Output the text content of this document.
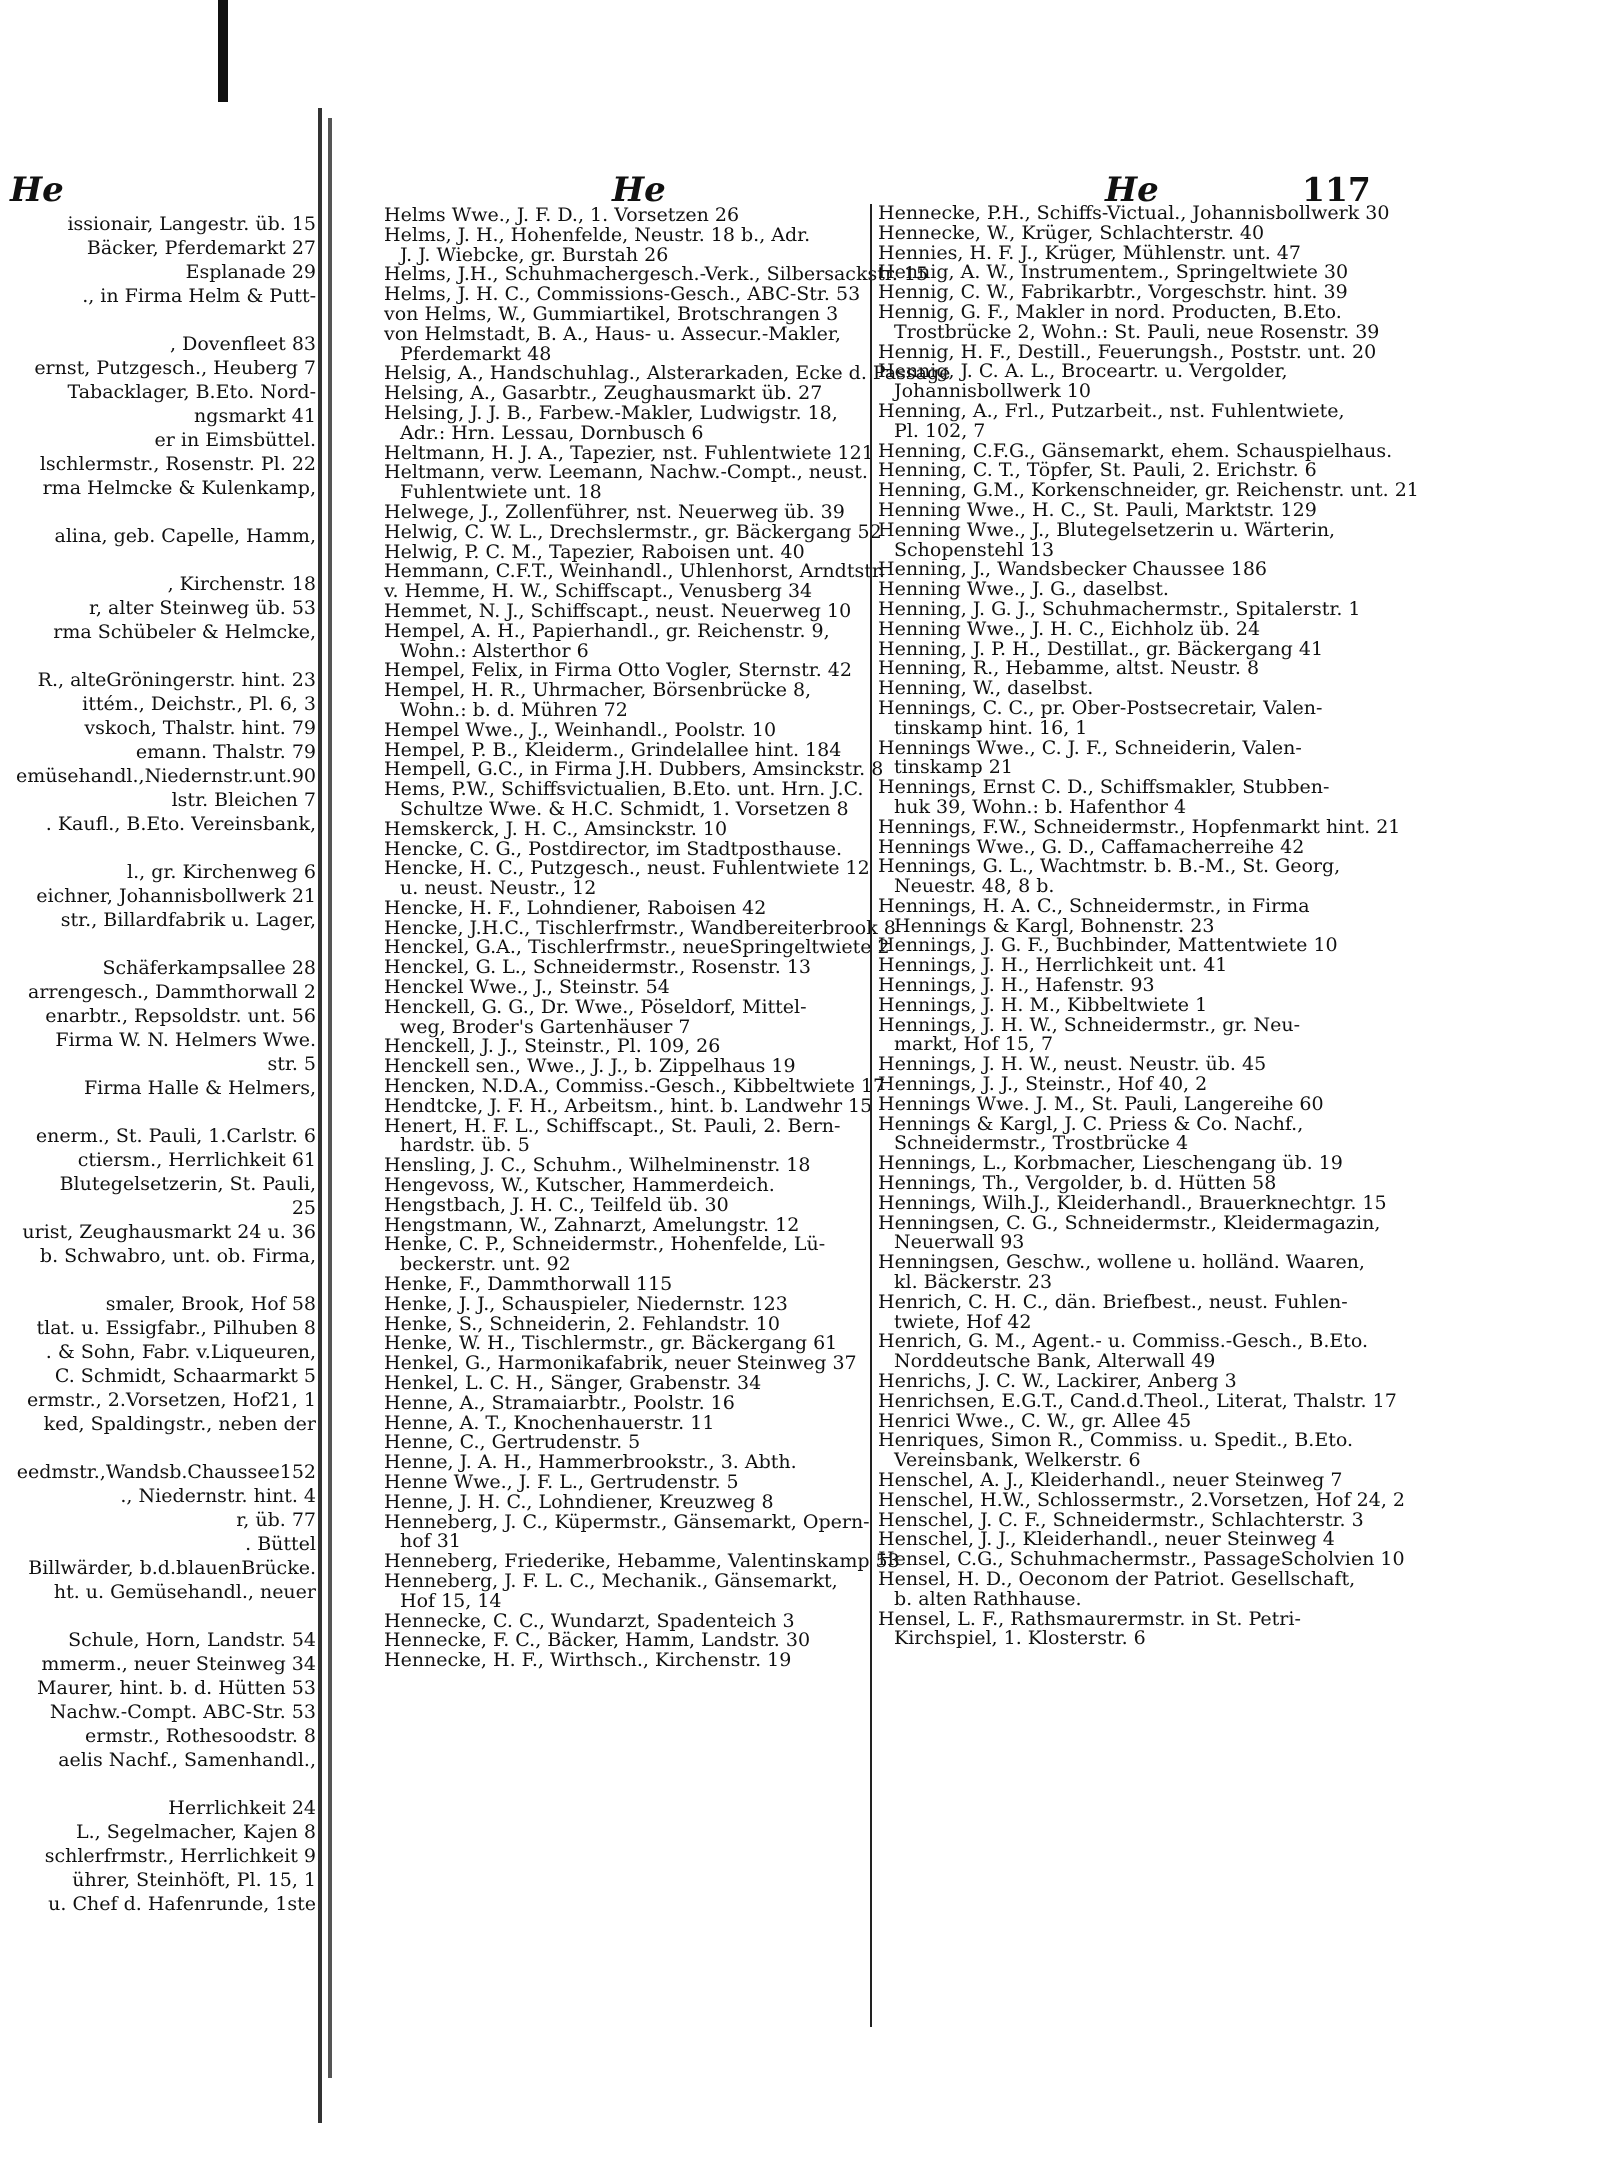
He
issionair, Langestr. üb. 15
Bäcker, Pferdemarkt 27
Esplanade 29
., in Firma Helm & Putt-
, Dovenfleet 83
ernst, Putzgesch., Heuberg 7
Tabacklager, B.Eto. Nord-
ngsmarkt 41
er in Eimsbüttel.
lschlermstr., Rosenstr. Pl. 22
rma Helmcke & Kulenkamp,
alina, geb. Capelle, Hamm,
, Kirchenstr. 18
r, alter Steinweg üb. 53
rma Schübeler & Helmcke,
R., alteGröningerstr. hint. 23
ittém., Deichstr., Pl. 6, 3
vskoch, Thalstr. hint. 79
emann. Thalstr. 79
emüsehandl.,Niedernstr.unt.90
lstr. Bleichen 7
. Kaufl., B.Eto. Vereinsbank,
l., gr. Kirchenweg 6
eichner, Johannisbollwerk 21
str., Billardfabrik u. Lager,
Schäferkampsallee 28
arrengesch., Dammthorwall 2
enarbtr., Repsoldstr. unt. 56
Firma W. N. Helmers Wwe.
str. 5
Firma Halle & Helmers,
enerm., St. Pauli, 1.Carlstr. 6
ctiersm., Herrlichkeit 61
Blutegelsetzerin, St. Pauli,
25
urist, Zeughausmarkt 24 u. 36
b. Schwabro, unt. ob. Firma,
smaler, Brook, Hof 58
tlat. u. Essigfabr., Pilhuben 8
. & Sohn, Fabr. v.Liqueuren,
C. Schmidt, Schaarmarkt 5
ermstr., 2.Vorsetzen, Hof21, 1
ked, Spaldingstr., neben der
eedmstr.,Wandsb.Chaussee152
., Niedernstr. hint. 4
r, üb. 77
. Büttel
Billwärder, b.d.blauenBrücke.
ht. u. Gemüsehandl., neuer
Schule, Horn, Landstr. 54
mmerm., neuer Steinweg 34
Maurer, hint. b. d. Hütten 53
Nachw.-Compt. ABC-Str. 53
ermstr., Rothesoodstr. 8
aelis Nachf., Samenhandl.,
Herrlichkeit 24
L., Segelmacher, Kajen 8
schlerfrmstr., Herrlichkeit 9
ührer, Steinhöft, Pl. 15, 1
u. Chef d. Hafenrunde, 1ste
He	He	117
Helms Wwe., J. F. D., 1. Vorsetzen 26
Helms, J. H., Hohenfelde, Neustr. 18 b., Adr.
J. J. Wiebcke, gr. Burstah 26
Helms, J.H., Schuhmachergesch.-Verk., Silbersackstr. 15
Helms, J. H. C., Commissions-Gesch., ABC-Str. 53
von Helms, W., Gummiartikel, Brotschrangen 3
von Helmstadt, B. A., Haus- u. Assecur.-Makler,
Pferdemarkt 48
Helsig, A., Handschuhlag., Alsterarkaden, Ecke d. Passage
Helsing, A., Gasarbtr., Zeughausmarkt üb. 27
Helsing, J. J. B., Farbew.-Makler, Ludwigstr. 18,
Adr.: Hrn. Lessau, Dornbusch 6
Heltmann, H. J. A., Tapezier, nst. Fuhlentwiete 121
Heltmann, verw. Leemann, Nachw.-Compt., neust.
Fuhlentwiete unt. 18
Helwege, J., Zollenführer, nst. Neuerweg üb. 39
Helwig, C. W. L., Drechslermstr., gr. Bäckergang 52
Helwig, P. C. M., Tapezier, Raboisen unt. 40
Hemmann, C.F.T., Weinhandl., Uhlenhorst, Arndtstr.
v. Hemme, H. W., Schiffscapt., Venusberg 34
Hemmet, N. J., Schiffscapt., neust. Neuerweg 10
Hempel, A. H., Papierhandl., gr. Reichenstr. 9,
Wohn.: Alsterthor 6
Hempel, Felix, in Firma Otto Vogler, Sternstr. 42
Hempel, H. R., Uhrmacher, Börsenbrücke 8,
Wohn.: b. d. Mühren 72
Hempel Wwe., J., Weinhandl., Poolstr. 10
Hempel, P. B., Kleiderm., Grindelallee hint. 184
Hempell, G.C., in Firma J.H. Dubbers, Amsinckstr. 8
Hems, P.W., Schiffsvictualien, B.Eto. unt. Hrn. J.C.
Schultze Wwe. & H.C. Schmidt, 1. Vorsetzen 8
Hemskerck, J. H. C., Amsinckstr. 10
Hencke, C. G., Postdirector, im Stadtposthause.
Hencke, H. C., Putzgesch., neust. Fuhlentwiete 12
u. neust. Neustr., 12
Hencke, H. F., Lohndiener, Raboisen 42
Hencke, J.H.C., Tischlerfrmstr., Wandbereiterbrook 8
Henckel, G.A., Tischlerfrmstr., neueSpringeltwiete 2
Henckel, G. L., Schneidermstr., Rosenstr. 13
Henckel Wwe., J., Steinstr. 54
Henckell, G. G., Dr. Wwe., Pöseldorf, Mittel-
weg, Broder's Gartenhäuser 7
Henckell, J. J., Steinstr., Pl. 109, 26
Henckell sen., Wwe., J. J., b. Zippelhaus 19
Hencken, N.D.A., Commiss.-Gesch., Kibbeltwiete 17
Hendtcke, J. F. H., Arbeitsm., hint. b. Landwehr 15
Henert, H. F. L., Schiffscapt., St. Pauli, 2. Bern-
hardstr. üb. 5
Hensling, J. C., Schuhm., Wilhelminenstr. 18
Hengevoss, W., Kutscher, Hammerdeich.
Hengstbach, J. H. C., Teilfeld üb. 30
Hengstmann, W., Zahnarzt, Amelungstr. 12
Henke, C. P., Schneidermstr., Hohenfelde, Lü-
beckerstr. unt. 92
Henke, F., Dammthorwall 115
Henke, J. J., Schauspieler, Niedernstr. 123
Henke, S., Schneiderin, 2. Fehlandstr. 10
Henke, W. H., Tischlermstr., gr. Bäckergang 61
Henkel, G., Harmonikafabrik, neuer Steinweg 37
Henkel, L. C. H., Sänger, Grabenstr. 34
Henne, A., Stramaiarbtr., Poolstr. 16
Henne, A. T., Knochenhauerstr. 11
Henne, C., Gertrudenstr. 5
Henne, J. A. H., Hammerbrookstr., 3. Abth.
Henne Wwe., J. F. L., Gertrudenstr. 5
Henne, J. H. C., Lohndiener, Kreuzweg 8
Henneberg, J. C., Küpermstr., Gänsemarkt, Opern-
hof 31
Henneberg, Friederike, Hebamme, Valentinskamp 53
Henneberg, J. F. L. C., Mechanik., Gänsemarkt,
Hof 15, 14
Hennecke, C. C., Wundarzt, Spadenteich 3
Hennecke, F. C., Bäcker, Hamm, Landstr. 30
Hennecke, H. F., Wirthsch., Kirchenstr. 19
Hennecke, P.H., Schiffs-Victual., Johannisbollwerk 30
Hennecke, W., Krüger, Schlachterstr. 40
Hennies, H. F. J., Krüger, Mühlenstr. unt. 47
Hennig, A. W., Instrumentem., Springeltwiete 30
Hennig, C. W., Fabrikarbtr., Vorgeschstr. hint. 39
Hennig, G. F., Makler in nord. Producten, B.Eto.
Trostbrücke 2, Wohn.: St. Pauli, neue Rosenstr. 39
Hennig, H. F., Destill., Feuerungsh., Poststr. unt. 20
Hennig, J. C. A. L., Broceartr. u. Vergolder,
Johannisbollwerk 10
Henning, A., Frl., Putzarbeit., nst. Fuhlentwiete,
Pl. 102, 7
Henning, C.F.G., Gänsemarkt, ehem. Schauspielhaus.
Henning, C. T., Töpfer, St. Pauli, 2. Erichstr. 6
Henning, G.M., Korkenschneider, gr. Reichenstr. unt. 21
Henning Wwe., H. C., St. Pauli, Marktstr. 129
Henning Wwe., J., Blutegelsetzerin u. Wärterin,
Schopenstehl 13
Henning, J., Wandsbecker Chaussee 186
Henning Wwe., J. G., daselbst.
Henning, J. G. J., Schuhmachermstr., Spitalerstr. 1
Henning Wwe., J. H. C., Eichholz üb. 24
Henning, J. P. H., Destillat., gr. Bäckergang 41
Henning, R., Hebamme, altst. Neustr. 8
Henning, W., daselbst.
Hennings, C. C., pr. Ober-Postsecretair, Valen-
tinskamp hint. 16, 1
Hennings Wwe., C. J. F., Schneiderin, Valen-
tinskamp 21
Hennings, Ernst C. D., Schiffsmakler, Stubben-
huk 39, Wohn.: b. Hafenthor 4
Hennings, F.W., Schneidermstr., Hopfenmarkt hint. 21
Hennings Wwe., G. D., Caffamacherreihe 42
Hennings, G. L., Wachtmstr. b. B.-M., St. Georg,
Neuestr. 48, 8 b.
Hennings, H. A. C., Schneidermstr., in Firma
Hennings & Kargl, Bohnenstr. 23
Hennings, J. G. F., Buchbinder, Mattentwiete 10
Hennings, J. H., Herrlichkeit unt. 41
Hennings, J. H., Hafenstr. 93
Hennings, J. H. M., Kibbeltwiete 1
Hennings, J. H. W., Schneidermstr., gr. Neu-
markt, Hof 15, 7
Hennings, J. H. W., neust. Neustr. üb. 45
Hennings, J. J., Steinstr., Hof 40, 2
Hennings Wwe. J. M., St. Pauli, Langereihe 60
Hennings & Kargl, J. C. Priess & Co. Nachf.,
Schneidermstr., Trostbrücke 4
Hennings, L., Korbmacher, Lieschengang üb. 19
Hennings, Th., Vergolder, b. d. Hütten 58
Hennings, Wilh.J., Kleiderhandl., Brauerknechtgr. 15
Henningsen, C. G., Schneidermstr., Kleidermagazin,
Neuerwall 93
Henningsen, Geschw., wollene u. holländ. Waaren,
kl. Bäckerstr. 23
Henrich, C. H. C., dän. Briefbest., neust. Fuhlen-
twiete, Hof 42
Henrich, G. M., Agent.- u. Commiss.-Gesch., B.Eto.
Norddeutsche Bank, Alterwall 49
Henrichs, J. C. W., Lackirer, Anberg 3
Henrichsen, E.G.T., Cand.d.Theol., Literat, Thalstr. 17
Henrici Wwe., C. W., gr. Allee 45
Henriques, Simon R., Commiss. u. Spedit., B.Eto.
Vereinsbank, Welkerstr. 6
Henschel, A. J., Kleiderhandl., neuer Steinweg 7
Henschel, H.W., Schlossermstr., 2.Vorsetzen, Hof 24, 2
Henschel, J. C. F., Schneidermstr., Schlachterstr. 3
Henschel, J. J., Kleiderhandl., neuer Steinweg 4
Hensel, C.G., Schuhmachermstr., PassageScholvien 10
Hensel, H. D., Oeconom der Patriot. Gesellschaft,
b. alten Rathhause.
Hensel, L. F., Rathsmaurermstr. in St. Petri-
Kirchspiel, 1. Klosterstr. 6
